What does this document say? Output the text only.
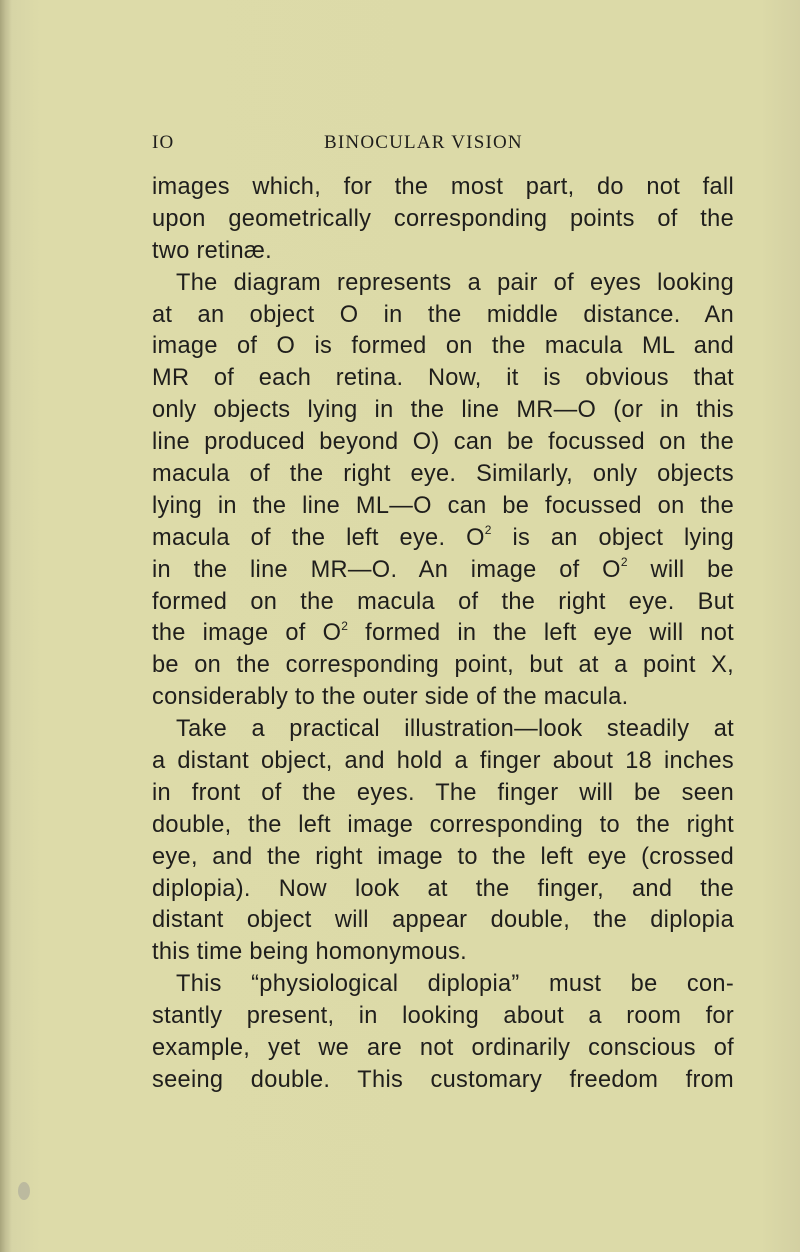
IO	BINOCULAR VISION
images which, for the most part, do not fall
upon geometrically corresponding points of the
two retinæ.
The diagram represents a pair of eyes looking
at an object O in the middle distance. An
image of O is formed on the macula ML and
MR of each retina. Now, it is obvious that
only objects lying in the line MR—O (or in this
line produced beyond O) can be focussed on the
macula of the right eye. Similarly, only objects
lying in the line ML—O can be focussed on the
macula of the left eye. $O^2$ is an object lying
in the line MR—O. An image of $O^2$ will be
formed on the macula of the right eye. But
the image of $O^2$ formed in the left eye will not
be on the corresponding point, but at a point X,
considerably to the outer side of the macula.
Take a practical illustration—look steadily at
a distant object, and hold a finger about 18 inches
in front of the eyes. The finger will be seen
double, the left image corresponding to the right
eye, and the right image to the left eye (crossed
diplopia). Now look at the finger, and the
distant object will appear double, the diplopia
this time being homonymous.
This “physiological diplopia” must be con-
stantly present, in looking about a room for
example, yet we are not ordinarily conscious of
seeing double. This customary freedom from
